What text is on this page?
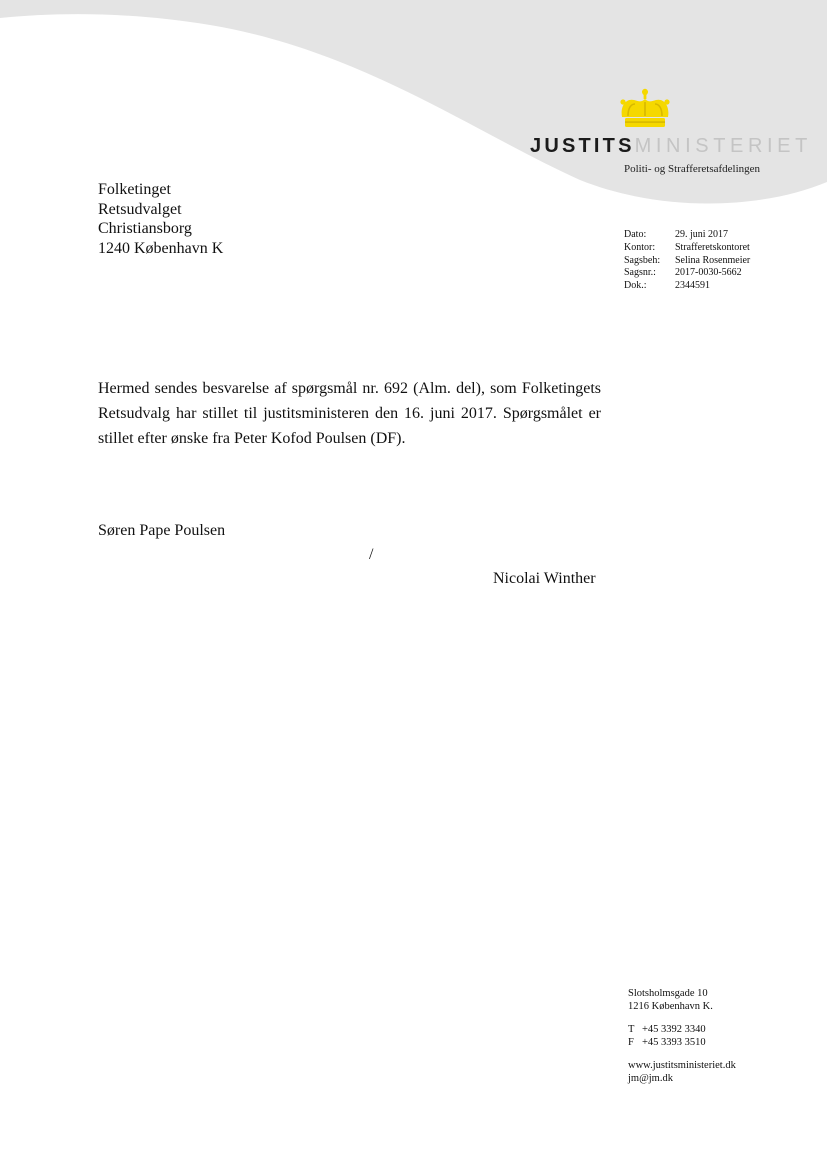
JUSTITSMINISTERIET
Politi- og Strafferetsafdelingen
Folketinget
Retsudvalget
Christiansborg
1240 København K
Dato:	29. juni 2017
Kontor:	Strafferetskontoret
Sagsbeh:	Selina Rosenmeier
Sagsnr.:	2017-0030-5662
Dok.:	2344591

Hermed sendes besvarelse af spørgsmål nr. 692 (Alm. del), som Folketingets Retsudvalg har stillet til justitsministeren den 16. juni 2017. Spørgsmålet er stillet efter ønske fra Peter Kofod Poulsen (DF).

Søren Pape Poulsen
/
Nicolai Winther
Slotsholmsgade 10
1216 København K.
T +45 3392 3340
F +45 3393 3510
www.justitsministeriet.dk
jm@jm.dk
